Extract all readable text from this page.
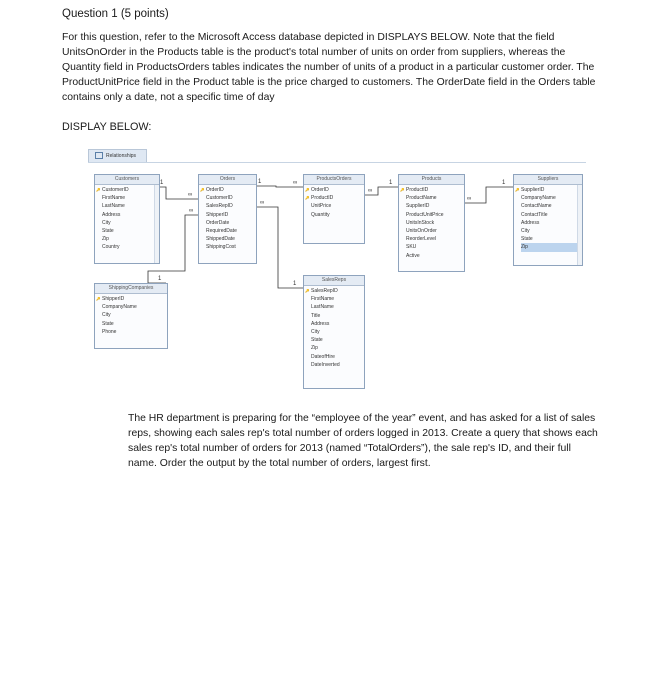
Question 1 (5 points)
For this question, refer to the Microsoft Access database depicted in DISPLAYS BELOW. Note that the field UnitsOnOrder in the Products table is the product's total number of units on order from suppliers, whereas the Quantity field in ProductsOrders tables indicates the number of units of a product in a particular customer order. The ProductUnitPrice field in the Product table is the price charged to customers. The OrderDate field in the Orders table contains only a date, not a specific time of day
DISPLAY BELOW:
Relationships
1
∞
1	∞
∞
1
∞
1
∞
1
∞
1
Customers
🔑 CustomerID
FirstName
LastName
Address
City
State
Zip
Country
Orders
🔑 OrderID
CustomerID
SalesRepID
ShipperID
OrderDate
RequiredDate
ShippedDate
ShippingCost
ProductsOrders
🔑 OrderID
🔑 ProductID
UnitPrice
Quantity
Products
🔑 ProductID
ProductName
SupplierID
ProductUnitPrice
UnitsInStock
UnitsOnOrder
ReorderLevel
SKU
Active
Suppliers
🔑 SupplierID
CompanyName
ContactName
ContactTitle
Address
City
State
Zip
ShippingCompanies
🔑 ShipperID
CompanyName
City
State
Phone
SalesReps
🔑 SalesRepID
FirstName
LastName
Title
Address
City
State
Zip
DateofHire
DateInverted
The HR department is preparing for the “employee of the year” event, and has asked for a list of sales reps, showing each sales rep's total number of orders logged in 2013. Create a query that shows each sales rep's total number of orders for 2013 (named “TotalOrders”), the sale rep's ID, and their full name. Order the output by the total number of orders, largest first.
